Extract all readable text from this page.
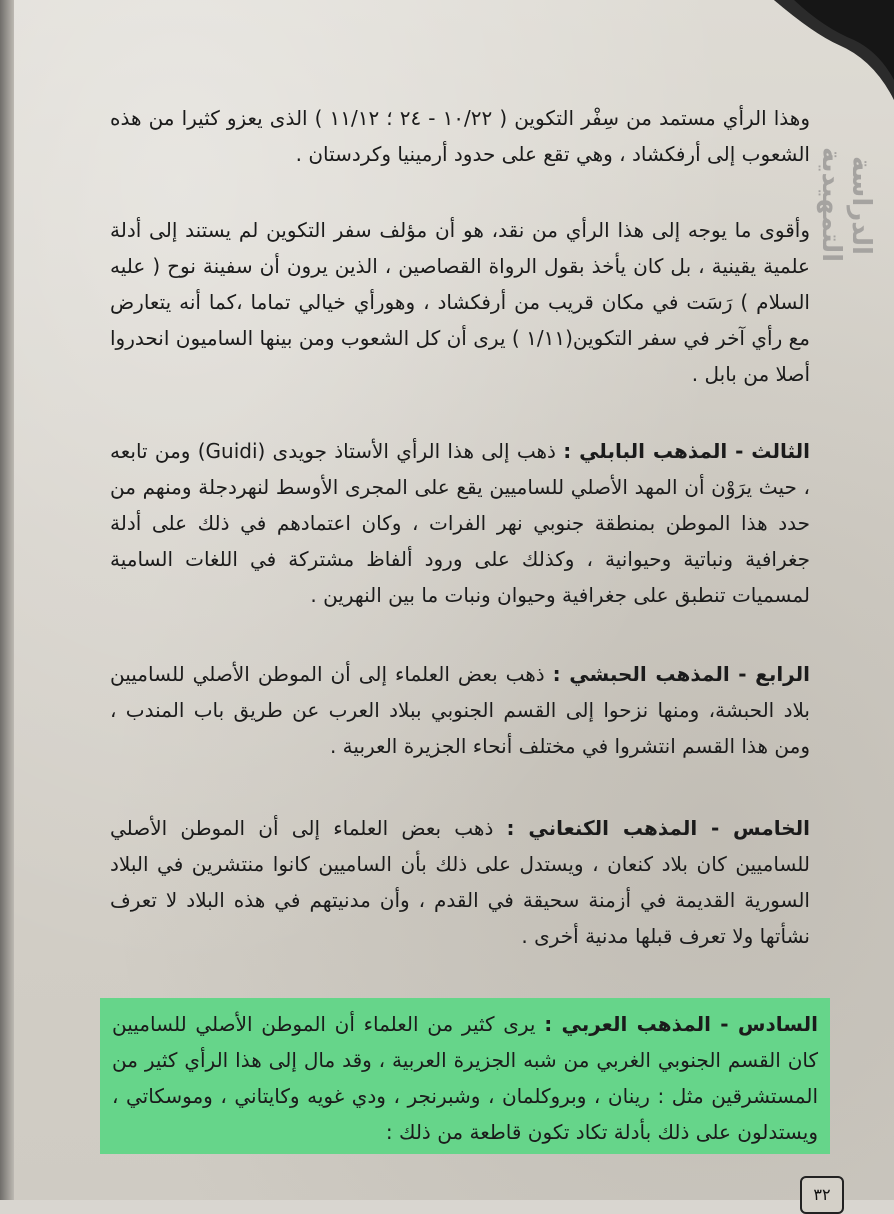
الدراسة التمهيدية

وهذا الرأي مستمد من سِفْر التكوين ( ١٠/٢٢ - ٢٤ ؛ ١١/١٢ ) الذى يعزو كثيرا من هذه الشعوب إلى أرفكشاد ، وهي تقع على حدود أرمينيا وكردستان .

وأقوى ما يوجه إلى هذا الرأي من نقد، هو أن مؤلف سفر التكوين لم يستند إلى أدلة علمية يقينية ، بل كان يأخذ بقول الرواة القصاصين ، الذين يرون أن سفينة نوح ( عليه السلام ) رَسَت في مكان قريب من أرفكشاد ، وهورأي خيالي تماما ،كما أنه يتعارض مع رأي آخر في سفر التكوين(١/١١ ) يرى أن كل الشعوب ومن بينها الساميون انحدروا أصلا من بابل .

الثالث - المذهب البابلي : ذهب إلى هذا الرأي الأستاذ جويدى (Guidi) ومن تابعه ، حيث يرَوْن أن المهد الأصلي للساميين يقع على المجرى الأوسط لنهردجلة ومنهم من حدد هذا الموطن بمنطقة جنوبي نهر الفرات ، وكان اعتمادهم في ذلك على أدلة جغرافية ونباتية وحيوانية ، وكذلك على ورود ألفاظ مشتركة في اللغات السامية لمسميات تنطبق على جغرافية وحيوان ونبات ما بين النهرين .

الرابع - المذهب الحبشي : ذهب بعض العلماء إلى أن الموطن الأصلي للساميين بلاد الحبشة، ومنها نزحوا إلى القسم الجنوبي ببلاد العرب عن طريق باب المندب ، ومن هذا القسم انتشروا في مختلف أنحاء الجزيرة العربية .

الخامس - المذهب الكنعاني : ذهب بعض العلماء إلى أن الموطن الأصلي للساميين كان بلاد كنعان ، ويستدل على ذلك بأن الساميين كانوا منتشرين في البلاد السورية القديمة في أزمنة سحيقة في القدم ، وأن مدنيتهم في هذه البلاد لا تعرف نشأتها ولا تعرف قبلها مدنية أخرى .

السادس - المذهب العربي : يرى كثير من العلماء أن الموطن الأصلي للساميين كان القسم الجنوبي الغربي من شبه الجزيرة العربية ، وقد مال إلى هذا الرأي كثير من المستشرقين مثل : رينان ، وبروكلمان ، وشبرنجر ، ودي غويه وكايتاني ، وموسكاتي ، ويستدلون على ذلك بأدلة تكاد تكون قاطعة من ذلك :

٣٢
